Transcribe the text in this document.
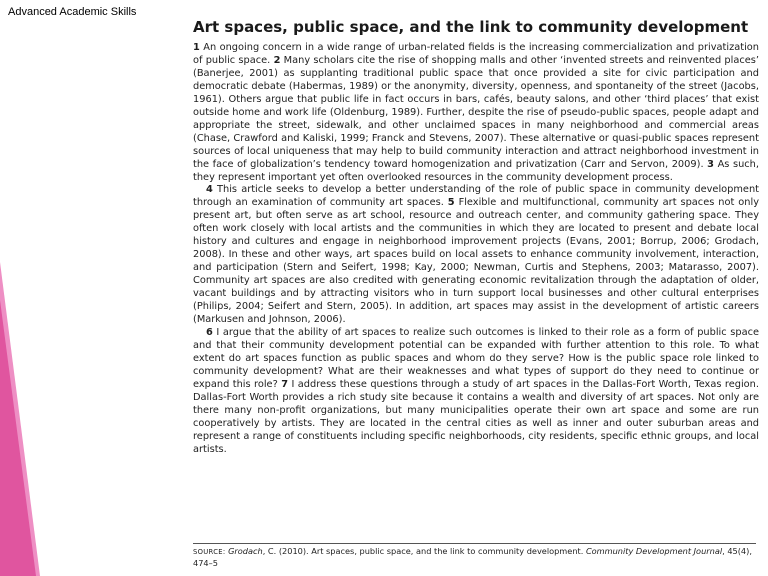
Advanced Academic Skills
Art spaces, public space, and the link to community development
1 An ongoing concern in a wide range of urban-related fields is the increasing commercialization and privatization of public space. 2 Many scholars cite the rise of shopping malls and other ‘invented streets and reinvented places’ (Banerjee, 2001) as supplanting traditional public space that once provided a site for civic participation and democratic debate (Habermas, 1989) or the anonymity, diversity, openness, and spontaneity of the street (Jacobs, 1961). Others argue that public life in fact occurs in bars, cafés, beauty salons, and other ‘third places’ that exist outside home and work life (Oldenburg, 1989). Further, despite the rise of pseudo-public spaces, people adapt and appropriate the street, sidewalk, and other unclaimed spaces in many neighborhood and commercial areas (Chase, Crawford and Kaliski, 1999; Franck and Stevens, 2007). These alternative or quasi-public spaces represent sources of local uniqueness that may help to build community interaction and attract neighborhood investment in the face of globalization’s tendency toward homogenization and privatization (Carr and Servon, 2009). 3 As such, they represent important yet often overlooked resources in the community development process.
4 This article seeks to develop a better understanding of the role of public space in community development through an examination of community art spaces. 5 Flexible and multifunctional, community art spaces not only present art, but often serve as art school, resource and outreach center, and community gathering space. They often work closely with local artists and the communities in which they are located to present and debate local history and cultures and engage in neighborhood improvement projects (Evans, 2001; Borrup, 2006; Grodach, 2008). In these and other ways, art spaces build on local assets to enhance community involvement, interaction, and participation (Stern and Seifert, 1998; Kay, 2000; Newman, Curtis and Stephens, 2003; Matarasso, 2007). Community art spaces are also credited with generating economic revitalization through the adaptation of older, vacant buildings and by attracting visitors who in turn support local businesses and other cultural enterprises (Philips, 2004; Seifert and Stern, 2005). In addition, art spaces may assist in the development of artistic careers (Markusen and Johnson, 2006).
6 I argue that the ability of art spaces to realize such outcomes is linked to their role as a form of public space and that their community development potential can be expanded with further attention to this role. To what extent do art spaces function as public spaces and whom do they serve? How is the public space role linked to community development? What are their weaknesses and what types of support do they need to continue or expand this role? 7 I address these questions through a study of art spaces in the Dallas-Fort Worth, Texas region. Dallas-Fort Worth provides a rich study site because it contains a wealth and diversity of art spaces. Not only are there many non-profit organizations, but many municipalities operate their own art space and some are run cooperatively by artists. They are located in the central cities as well as inner and outer suburban areas and represent a range of constituents including specific neighborhoods, city residents, specific ethnic groups, and local artists.
SOURCE: Grodach, C. (2010). Art spaces, public space, and the link to community development. Community Development Journal, 45(4), 474–5
